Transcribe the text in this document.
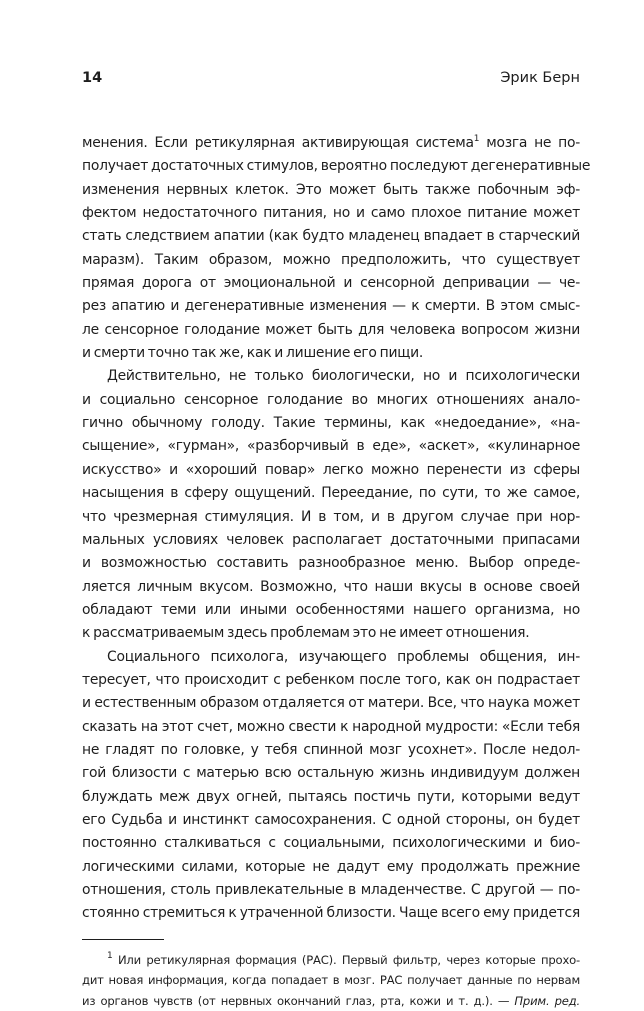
14	Эрик Берн

менения. Если ретикулярная активирующая система$^1$ мозга не по-
получает достаточных стимулов, вероятно последуют дегенеративные
изменения нервных клеток. Это может быть также побочным эф-
фектом недостаточного питания, но и само плохое питание может
стать следствием апатии (как будто младенец впадает в старческий
маразм). Таким образом, можно предположить, что существует
прямая дорога от эмоциональной и сенсорной депривации — че-
рез апатию и дегенеративные изменения — к смерти. В этом смыс-
ле сенсорное голодание может быть для человека вопросом жизни
и смерти точно так же, как и лишение его пищи.

Действительно, не только биологически, но и психологически
и социально сенсорное голодание во многих отношениях анало-
гично обычному голоду. Такие термины, как «недоедание», «на-
сыщение», «гурман», «разборчивый в еде», «аскет», «кулинарное
искусство» и «хороший повар» легко можно перенести из сферы
насыщения в сферу ощущений. Переедание, по сути, то же самое,
что чрезмерная стимуляция. И в том, и в другом случае при нор-
мальных условиях человек располагает достаточными припасами
и возможностью составить разнообразное меню. Выбор опреде-
ляется личным вкусом. Возможно, что наши вкусы в основе своей
обладают теми или иными особенностями нашего организма, но
к рассматриваемым здесь проблемам это не имеет отношения.

Социального психолога, изучающего проблемы общения, ин-
тересует, что происходит с ребенком после того, как он подрастает
и естественным образом отдаляется от матери. Все, что наука может
сказать на этот счет, можно свести к народной мудрости: «Если тебя
не гладят по головке, у тебя спинной мозг усохнет». После недол-
гой близости с матерью всю остальную жизнь индивидуум должен
блуждать меж двух огней, пытаясь постичь пути, которыми ведут
его Судьба и инстинкт самосохранения. С одной стороны, он будет
постоянно сталкиваться с социальными, психологическими и био-
логическими силами, которые не дадут ему продолжать прежние
отношения, столь привлекательные в младенчестве. С другой — по-
стоянно стремиться к утраченной близости. Чаще всего ему придется

$^1$ Или ретикулярная формация (РАС). Первый фильтр, через которые прохо-
дит новая информация, когда попадает в мозг. РАС получает данные по нервам
из органов чувств (от нервных окончаний глаз, рта, кожи и т. д.). — Прим. ред.
